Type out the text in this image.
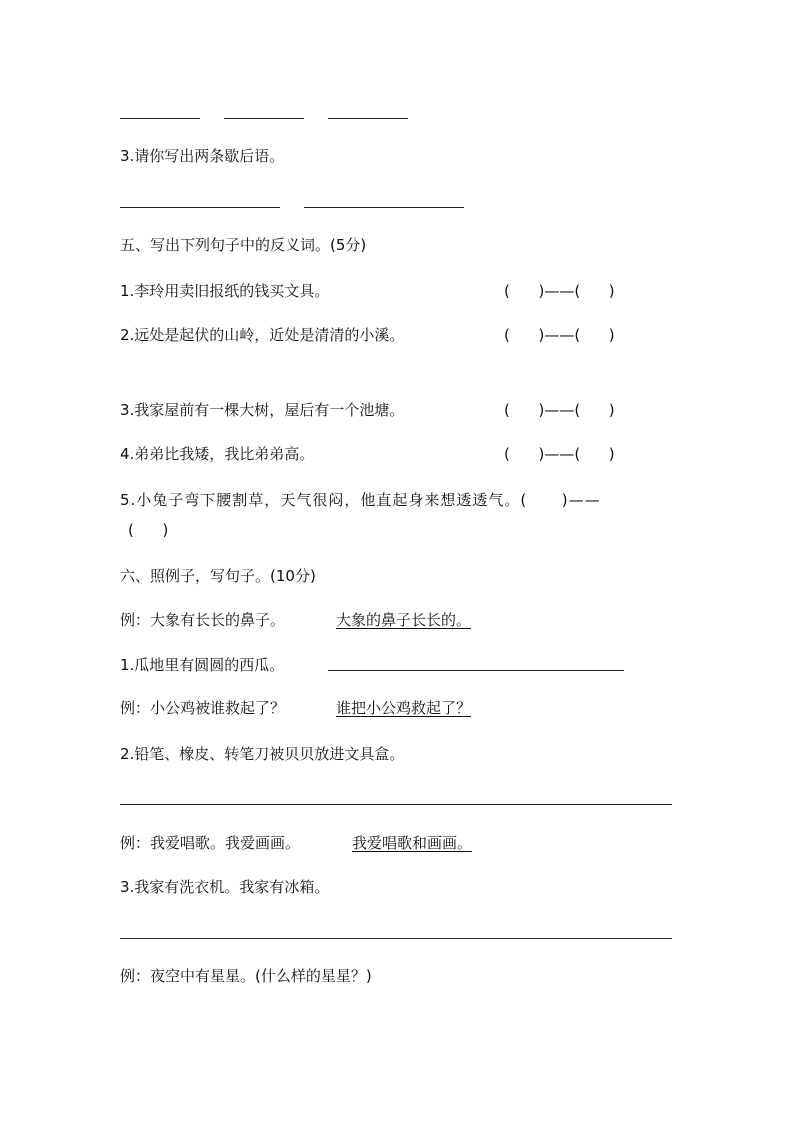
3.请你写出两条歇后语。
五、写出下列句子中的反义词。(5分)
1.李玲用卖旧报纸的钱买文具。	(      )——(      )
2.远处是起伏的山岭，近处是清清的小溪。	(      )——(      )
3.我家屋前有一棵大树，屋后有一个池塘。	(      )——(      )
4.弟弟比我矮，我比弟弟高。	(      )——(      )
5.小兔子弯下腰割草，天气很闷，他直起身来想透透气。(      )——
(      )
六、照例子，写句子。(10分)
例：大象有长长的鼻子。	大象的鼻子长长的。
1.瓜地里有圆圆的西瓜。
例：小公鸡被谁救起了？	谁把小公鸡救起了？
2.铅笔、橡皮、转笔刀被贝贝放进文具盒。
例：我爱唱歌。我爱画画。	我爱唱歌和画画。
3.我家有洗衣机。我家有冰箱。
例：夜空中有星星。(什么样的星星？)
